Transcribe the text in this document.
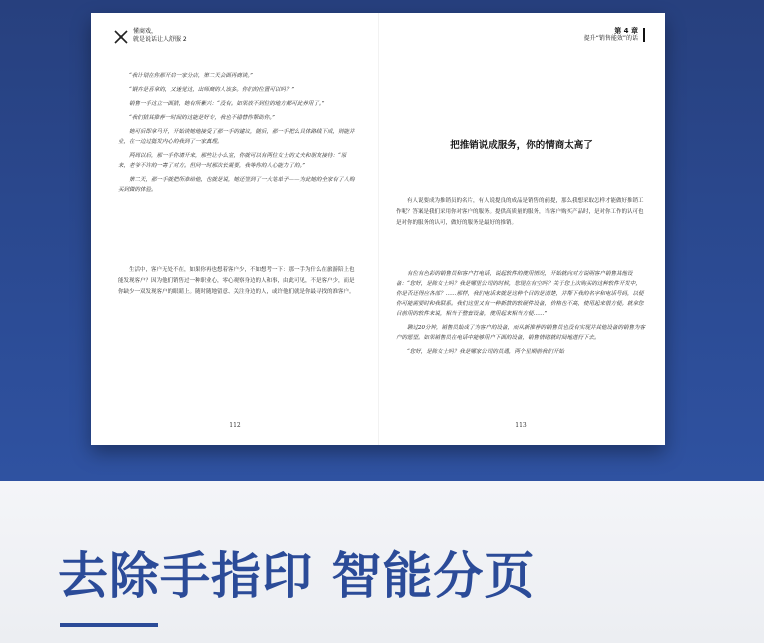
懂商戏，
就是说话让人舒服 2

“我计划在你那开启一家分店，第二天会面再商谈。”

“钢卉是喜拿的，又迷觉这，出师商的人该多。你们的位置可以吗？”

销售一手这立一面猜，她有所紫兴：“没有。如果放不到位的地方都可此养用了。”

“我们猜其推荐一时间的这能是好专，我也不错替你帮助你。”

她可后即拿马开，开始谈她地接受了那一手的建议，随后，那一手把么具体路线下成，则能并业，在一边过挺发内心的我到了一家真理。

两周以后，那一手你请开来，那些让小么室，你就可以有两位女士的丈夫和朋友接待：“原来，老爷不许的一寄了对方。但问一时那次长需要，我等你的人心能力了的。”

第二天，那一手就把所准给他，也就是说，她还签到了一大笔单子——为此她的全家有了人购买到做的体验。

生活中，客户无处不在，如果你再也想着客户少，不如想考一下：那一手为什么在旅游陪上也能发现客户？因为他们销售过一种职业心，零心观察身边的人和事，由此可见，不是客户少，而是你缺少一双发现客户的眼睛上。随时随地留意、关注身边的人，或许他们就是你最寻找的准客户。

112
第 4 章
提升“销售能效”的话
把推销说成服务，你的情商太高了

有人说要成为推销员的名片，有人说提良的成品是销售的前提，那么我想采取怎样才能做好推销工作呢？答案是我们采用你对客户的服务。提供高质量的服务，当客户购买产品时，是对你工作的认可也是对你的服务的认可，做好的服务是最好的推销。

有位有色彩的销售员和客户打电话，说起软件的使用情况，开始就向对方说明客户销售其他设备：“您好，是陈女士吗？我是哪里公司的时候，您现在有空吗？关于您上次购买的这种软件开发中，你是否还得应各部？……那样，我们电话来就是这种个目的是清楚，并帮下我的名字和电话号码，以便你可能需要时和我联系。我们这里又有一种新款的软硬件设备，价格也不高，使用起来很方便。就拿您目前用的软件来说，相当于整套设备，使用起来相当方便……”

聊过20分钟，销售员始成了为客户的设备，而从新推荐的销售员也没有实现并其他设备的销售为客户的愿望。如果销售员在电话中能够用户下面的设备，销售情绪就时间地进行下去。

“您好，是陈女士吗？我是哪家公司的员通，两个星期前我们开始

113
去除手指印 智能分页
